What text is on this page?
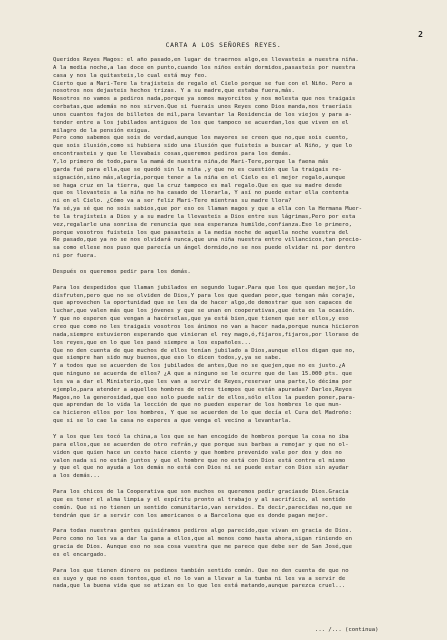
2
CARTA A LOS SEÑORES REYES.
Queridos Reyes Magos: el año pasado,en lugar de traernos algo,es llevasteis a nuestra niña.
A la media noche,a las doce en punto,cuando los niños están dormidos,pasasteis por nuestra
casa y nos la quitasteis,lo cual está muy feo.
Cierto que a Mari-Tere la trajisteis de regalo el Cielo porque se fue con el Niño. Pero a
nosotros nos dejasteis hechos trizas. Y a su madre,que estaba fuera,más.
Nosotros no vamos a pediros nada,porque ya somos mayorcitos y nos molesta que nos traigais
corbatas,que además no nos sirven.Que si fuerais unos Reyes como Dios manda,nos traeríais
unos cuantos fajos de billetes de mil,para levantar la Residencia de los viejos y para a-
tender entre a los jubilados antiguos de los que tampoco se acuerdan,los que viven en el
milagro de la pensión exigua.
Pero como sabemos que sois de verdad,aunque los mayores se creen que no,que sois cuento,
que sois ilusión,como si hubiera sido una ilusión que fuisteis a buscar al Niño, y que lo
encontrasteis y que le llevabais cosas,queremos pediros para los demás.
Y,lo primero de todo,para la mamá de nuestra niña,de Mari-Tere,porque la faena más
garda fué para ella,que se quedó sin la niña ,y que no es cuestión que la traigais re-
signación,sino más,alegría,porque tener a la niña en el Cielo es el mejor regalo,aunque
se haga cruz en la tierra, que la cruz tampoco es mal regalo.Que es que su madre desde
que os llevasteis a la niña no ha casado de llorarla, Y así no puede estar ella contenta
ni en el Cielo. ¿Cómo va a ser feliz Mari-Tere mientras su madre llora?
Ya sé,ya sé que no sois sabios,que por eso os llaman magos y que a ella con la Hermana Muer-
te la trajisteis a Dios y a su madre la llevasteis a Dios entre sus lágrimas,Pero por esta
vez,regalarle una sonrisa de renuncia que sea esperanza humilde,confianza.Eso lo primero,
porque vosotros fuisteis los que pasasteis a la media noche de aquella noche vuestra del
Re pasado,que ya no se nos olvidará nunca,que una niña nuestra entre villancicos,tan precio-
sa como ellese nos puso que parecía un ángel dormido,no se nos puede olvidar ni por dentro
ni por fuera.
Después os queremos pedir para los demás.
Para los despedidos que llaman jubilados en segundo lugar.Para que los que quedan mejor,lo
disfruten,pero que no se olviden de Dios,Y para los que quedan peor,que tengan más coraje,
que aprovechen la oportunidad que se les da de hacer algo,de demostrar que son capaces de
luchar,que valen más que los jóvenes y que se unan en cooperativas,que ésta es la ocasión.
Y que no esperen que vengan a hacérselas,que ya está bien,que tienen que ser ellos,y eso
creo que como no les traigais vosotros los ánimos no van a hacer nada,porque nunca hicieron
nada,siempre estuvieron esperando que vinieran el rey mago,ó,fijaros,fijaros,por llorase de
los reyes,que en lo que les pasó siempre a los españoles...
Que no den cuenta de que muchos de ellos tenían jubilado a Dios,aunque ellos digan que no,
que siempre han sido muy buenos,que eso lo dicen todos,y,ya se sabe.
Y a todos que se acuerden de los jubilados de antes,Que no se quejen,que no es justo.¿A
que ninguno se acuerda de ellos? ¿A que a ninguno se le ocurre que de las 15.000 pts. que
les va a dar el Ministerio,que les van a servir de Reyes,reservar una parte,lo décima por
ejemplo,para atender a aquellos hombres de otros tiempos que están apuradas? Darles,Reyes
Magos,no la generosidad,que eso solo puede salir de ellos,sólo ellos la pueden poner,para-
que aprendan de lo vida la lección de que no pueden esperar de los hombres lo que mun-
ca hicieron ellos por los hombres, Y que se acuerden de lo que decía el Cura del Madroño:
que si se lo cae la casa no esperes a que venga el vecino a levantarla.
Y a los que les tocó la china,a los que se han encogido de hombros porque la cosa no iba
para ellos,que se acuerden de otro refrán,y que porque sus barbas a remojar y que no ol-
viden que quien hace un cesto hace ciento y que hombre prevenido vale por dos y dos no
valen nada si no están juntos y que el hombre que no está con Dios está contra el mismo
y que el que no ayuda a los demás no está con Dios ni se puede estar con Dios sin ayudar
a los demás...
Para los chicos de la Cooperativa que son muchos os queremos pedir graciasde Dios.Gracia
que es tener el alma limpia y el espíritu pronto al trabajo y al sacrificio, al sentido
común. Que si no tienen un sentido comunitario,van servidos. Es decir,parecidas no,que se
tendrán que ir a servir con los americanos o a Barcelona que es donde pagan mejor.
Para todas nuestras gentes quisiéramos pediros algo parecido,que vivan en gracia de Dios.
Pero como no les va a dar la gana a ellos,que al menos como hasta ahora,sigan riniendo en
gracia de Dios. Aunque eso no sea cosa vuestra que me parece que debe ser de San José,que
es el encargado.
Para los que tienen dinero os pedimos también sentido común. Que no den cuenta de que no
es suyo y que no esen tontos,que el no lo van a llevar a la tumba ni les va a servir de
nada,que la buena vida que se atizan es lo que les está matando,aunque parezca cruel...
... /... (continua)
